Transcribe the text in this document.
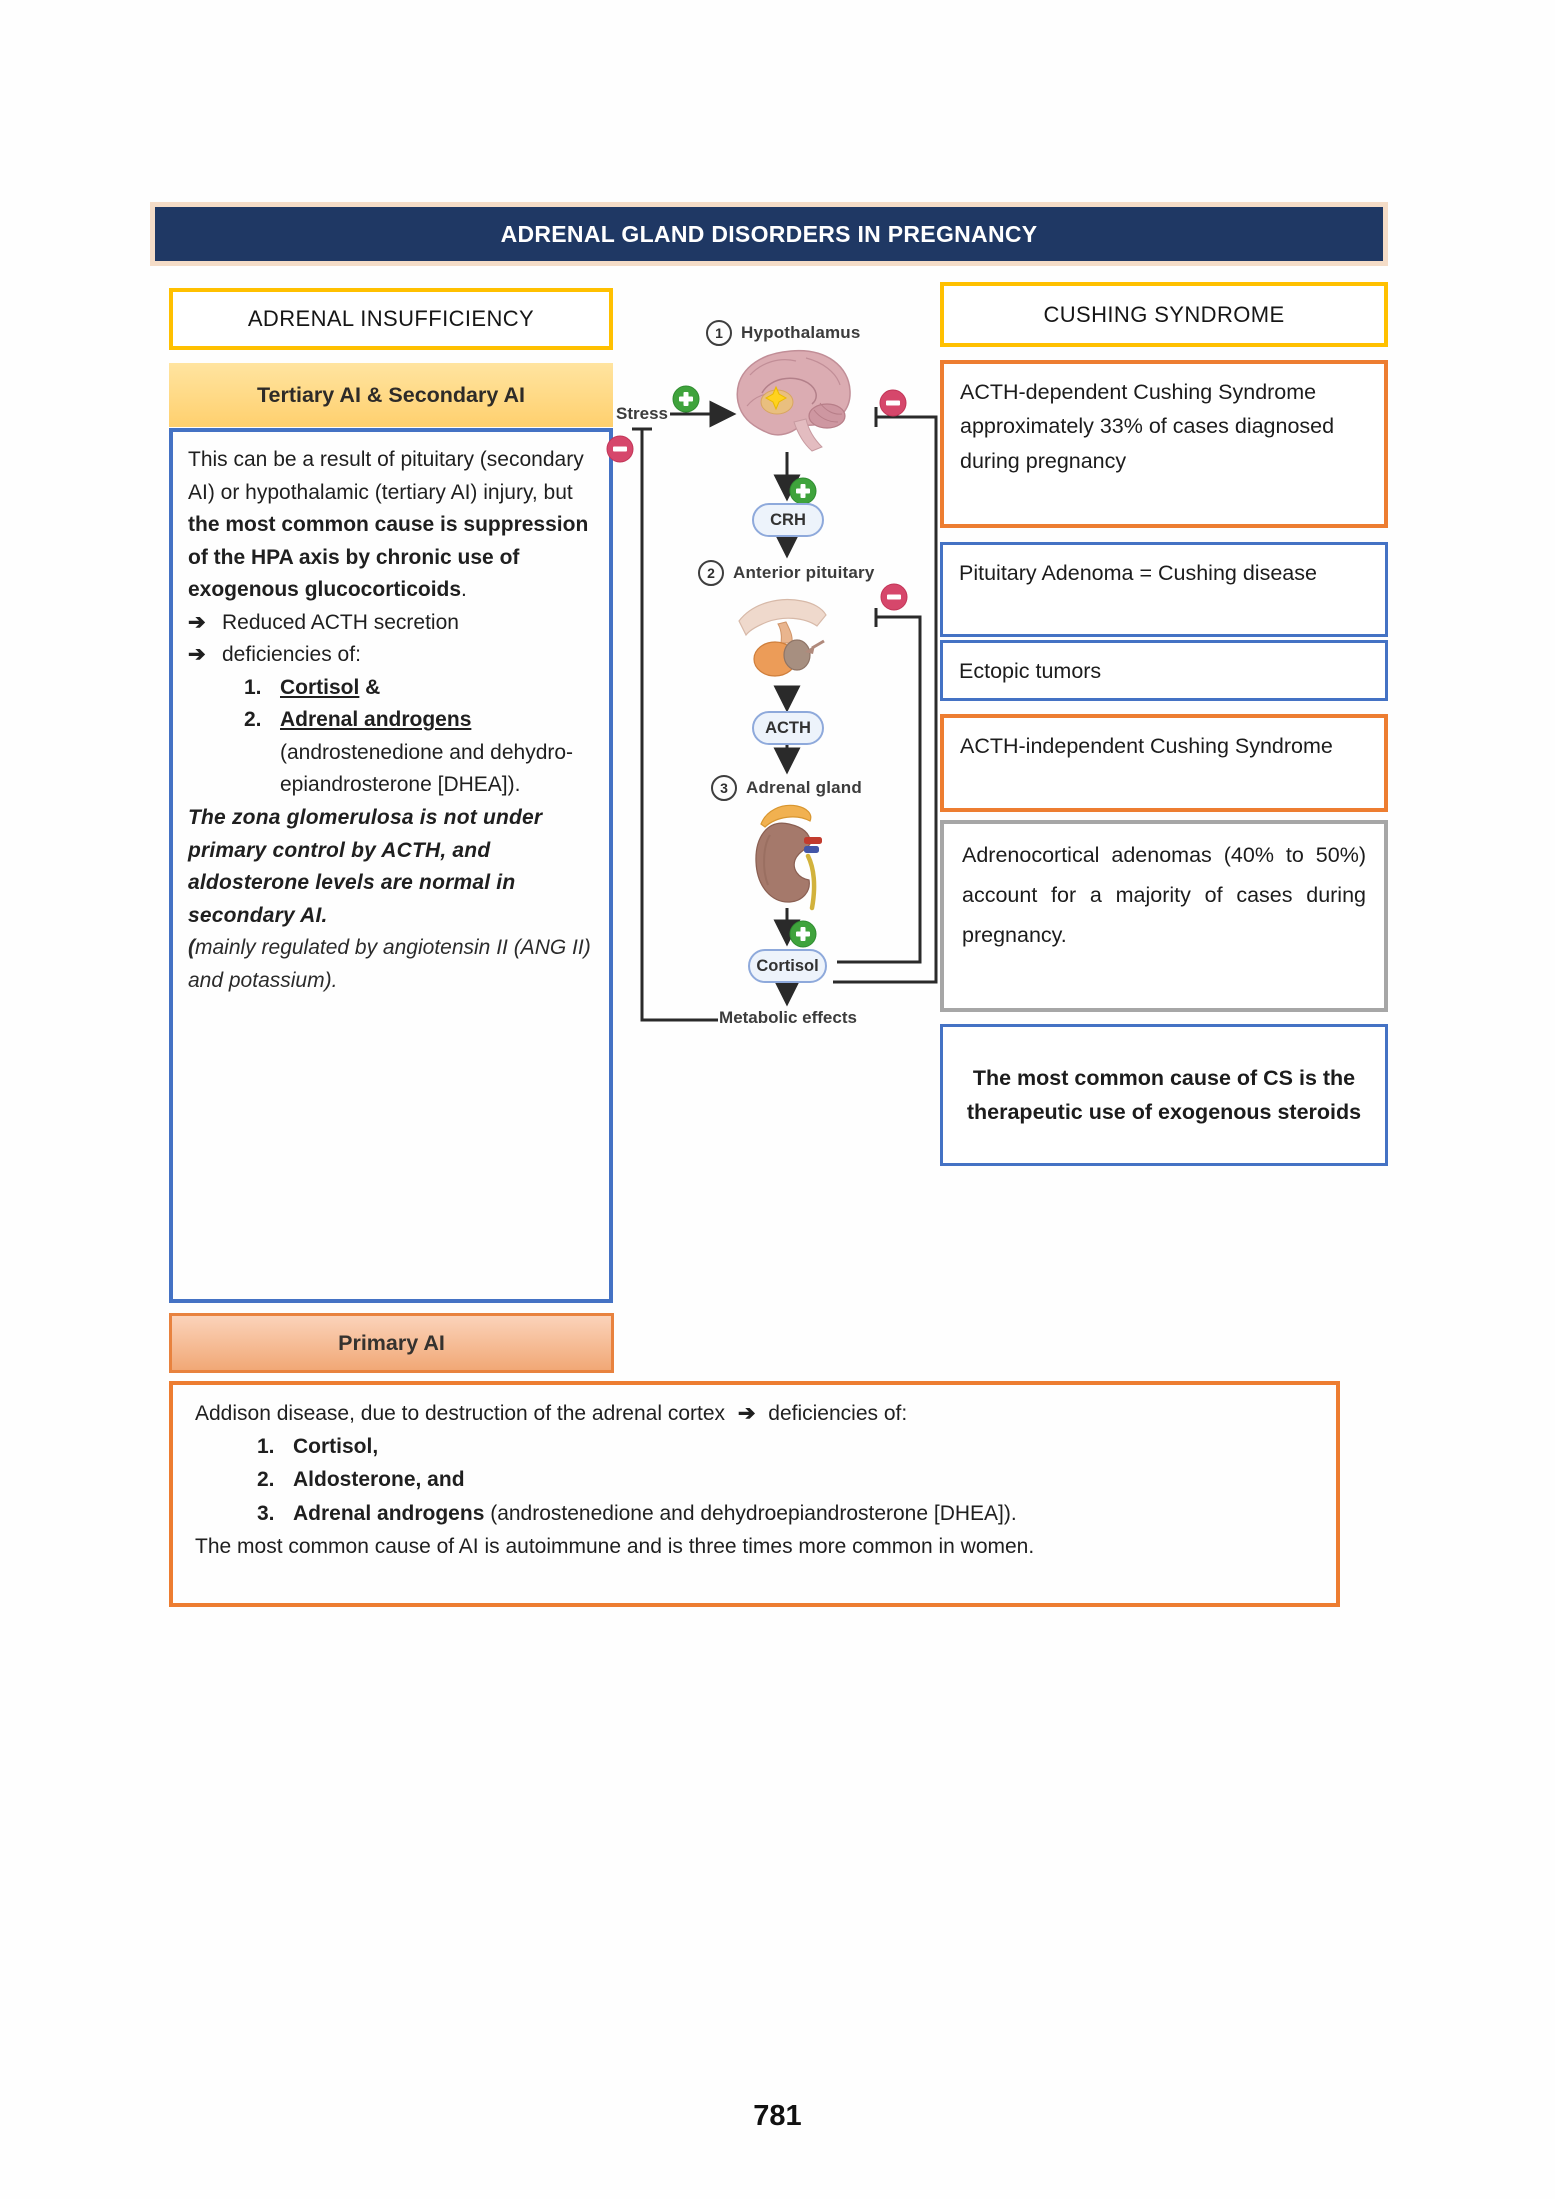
ADRENAL GLAND DISORDERS IN PREGNANCY
ADRENAL INSUFFICIENCY
Tertiary AI & Secondary AI

This can be a result of pituitary (secondary AI) or hypothalamic (tertiary AI) injury, but the most common cause is suppression of the HPA axis by chronic use of exogenous glucocorticoids.

➔ Reduced ACTH secretion
➔ deficiencies of:
1. Cortisol &
2. Adrenal androgens (androstenedione and dehydro-epiandrosterone [DHEA]).

The zona glomerulosa is not under primary control by ACTH, and aldosterone levels are normal in secondary AI.

(mainly regulated by angiotensin II (ANG II) and potassium).

Stress
1	Hypothalamus
2	Anterior pituitary
3	Adrenal gland
CRH
ACTH
Cortisol
Metabolic effects
CUSHING SYNDROME
ACTH-dependent Cushing Syndrome approximately 33% of cases diagnosed during pregnancy
Pituitary Adenoma = Cushing disease
Ectopic tumors
ACTH-independent Cushing Syndrome
Adrenocortical adenomas (40% to 50%) account for a majority of cases during pregnancy.
The most common cause of CS is the therapeutic use of exogenous steroids
Primary AI

Addison disease, due to destruction of the adrenal cortex ➔ deficiencies of:

1. Cortisol,
2. Aldosterone, and
3. Adrenal androgens (androstenedione and dehydroepiandrosterone [DHEA]).

The most common cause of AI is autoimmune and is three times more common in women.

781
